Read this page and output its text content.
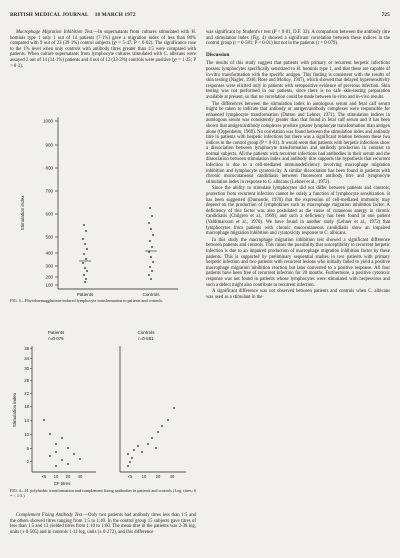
BRITISH MEDICAL JOURNAL 18 MARCH 1972	725

Macrophage Migration Inhibition Test.—In supernatants from cultures stimulated with H. hominis type 1 only 1 out of 14 patients (7·1%) gave a migration index of less than 80% compared with 9 out of 23 (39·1%) control subjects (χ² = 5·47; P < 0·02). The significance rose to the 1% level when only controls with antibody titres greater than 1:5 were compared with patients. When culture supernatants from lymphocyte cultures stimulated with C. albicans were assayed 2 out of 14 (14·1%) patients and 4 out of 12 (33·3%) controls were positive (χ² = 1·25; P > 0·3).

1000
900
800
700
600
500
400
300
200
100
Stimulation index
Patients	Controls
FIG. 5—Phytohaemagglutinin-induced lymphocyte transformation in patients and controls.
Patients
r=0·079
Controls
r=0·581
38
34
30
26
22
18
14
10
6
2
Stimulation index
<5 10 20 40	<5 10 20 40
CF titres
FIG. 4—H. polyhedric transformation and complement fixing antibodies in patients and controls (Log. titres; 0 = < 1:5.)

Complement Fixing Antibody Test.—Only two patients had antibody titres less than 1:5 and the others showed titres ranging from 1:5 to 1:40. In the control group 15 subjects gave titres of less than 1:5 and 13 yielded titres from 1:10 to 1:60. The mean titre in the patients was 2·38 log, units (± 0·505) and in controls 1·11 log, units (± 0·272), and this difference

was significant by Student's t test (P < 0·01, D.F. 32). A comparison between the antibody titre and stimulation index (Fig. 4) showed a significant correlation between these indices in the control group (r = 0·581; P < 0·01) but not in the patients (r = 0·079).

Discussion

The results of this study suggest that patients with primary or recurrent herpetic infections possess lymphocytes specifically sensitized to H. hominis type 1, and that these are capable of in-vitro transformation with the specific antigen. This finding is consistent with the results of skin testing (Nagler, 1946; Rose and Molloy, 1947), which showed that delayed hypersensitivity responses were elicited only in patients with seropositive evidence of previous infection. Skin testing was not performed in our patients, since there is no safe skin-testing preparation available at present, so that no correlation could be made between in-vitro and in-vivo results.

The differences between the stimulation index in autologous serum and fetal calf serum might be taken to indicate that antibody or antigen/antibody complexes were responsible for enhanced lymphocyte transformation (Dutton and Lehner, 1971). The stimulation indices in autologous serum was consistently greater than that found in fetal calf serum and it has been shown that antigen/antibody complexes produce greater lymphocyte transformation than antigen alone (Oppenheim, 1969). No correlation was found between the stimulation index and antibody titre in patients with herpetic infections but there was a significant relation between these two indices in the control group (P < 0·01). It would seem that patients with herpetic infections show a dissociation between lymphocyte transformation and antibody production in contrast to normal subjects. All the patients with recurrent infections had antibodies in their serum and the dissociation between stimulation index and antibody titre supports the hypothesis that recurrent infection is due to a cell-mediated immunodeficiency involving macrophage migration inhibition and lymphocyte cytotoxicity. A similar dissociation has been found in patients with chronic mucocutaneous candidiasis between fluorescent antibody titre and lymphocyte stimulation index in response to C. albicans (Lehner et al., 1972).

Since the ability to stimulate lymphocytes did not differ between patients and controls, protection from recurrent infection cannot be solely a function of lymphocyte sensitization. It has been suggested (Dumonde, 1970) that the expression of cell-mediated immunity may depend on the production of lymphokines such as macrophage migration inhibition factor. A deficiency of this factor was also postulated as the cause of cutaneous anergy in chronic candidiasis (Chilgren et al., 1969), and such a deficiency has been found in one patient (Valdimarsson et al., 1970). We have found in another study (Lehner et al., 1972) that lymphocytes from patients with chronic mucocutaneous candidiasis show an impaired macrophage migration inhibition and cytotoxicity response to C. albicans.

In this study the macrophage migration inhibition test showed a significant difference between patients and controls. This raises the possibility that susceptibility to recurrent herpetic infection is due to an impaired production of macrophage migration inhibition factor by these patients. This is supported by preliminary sequential studies in two patients with primary herpetic infection and two patients with recurrent lesions who initially failed to yield a positive macrophage migration inhibition reaction but later converted to a positive response. All four patients have been free of recurrent infection for 20 months. Furthermore, a positive cytotoxic response was not found in patients whose lymphocytes were stimulated with herpesvirus and such a defect might also contribute to recurrent infection.

A significant difference was not observed between patients and controls when C. albicans was used as a stimulant in the
